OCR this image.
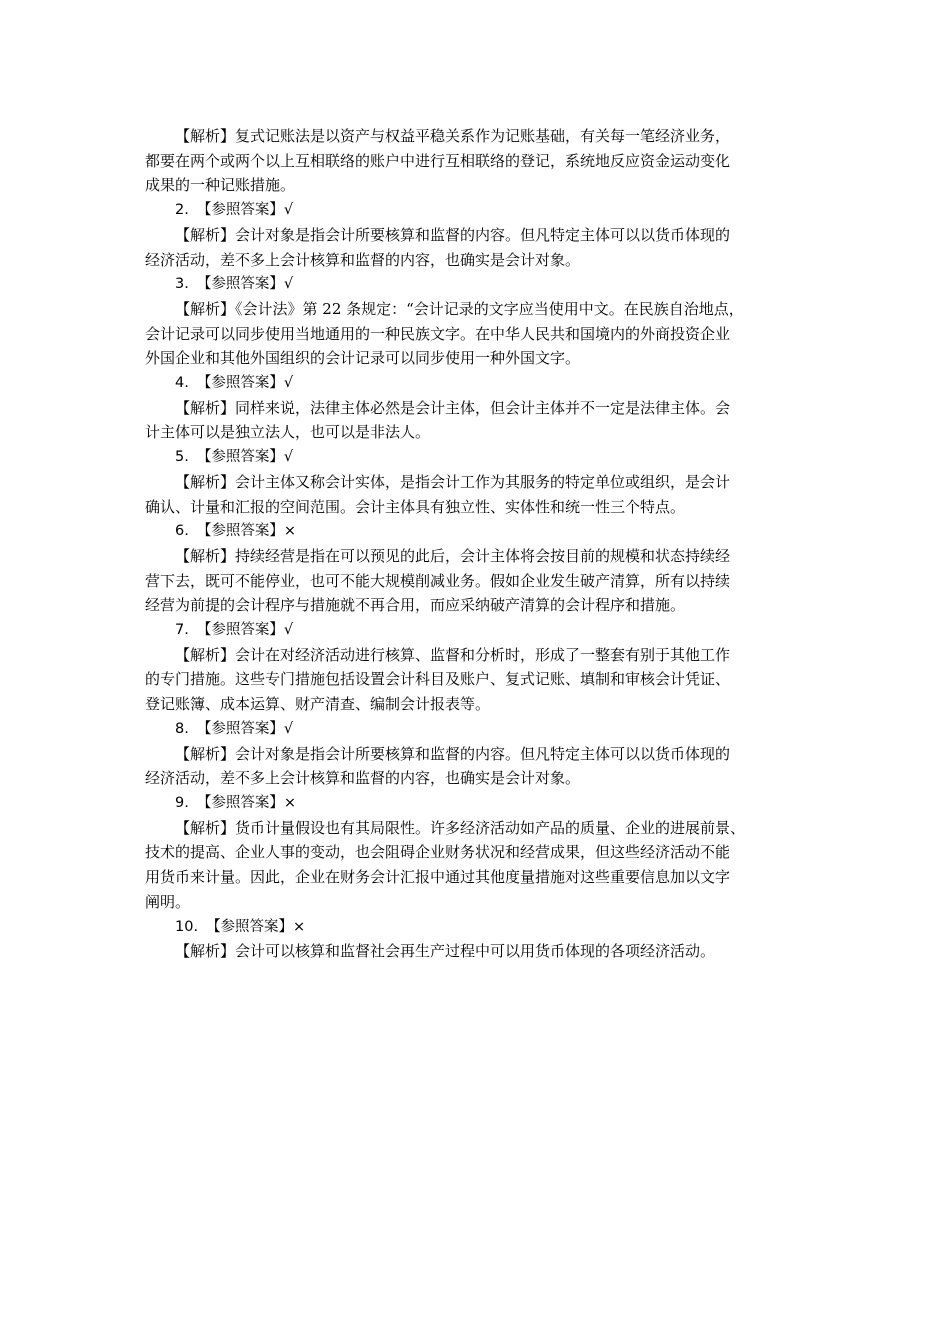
【解析】复式记账法是以资产与权益平稳关系作为记账基础，有关每一笔经济业务，
都要在两个或两个以上互相联络的账户中进行互相联络的登记，系统地反应资金运动变化
成果的一种记账措施。
2. 【参照答案】√
【解析】会计对象是指会计所要核算和监督的内容。但凡特定主体可以以货币体现的
经济活动，差不多上会计核算和监督的内容，也确实是会计对象。
3. 【参照答案】√
【解析】《会计法》第 22 条规定：“会计记录的文字应当使用中文。在民族自治地点，
会计记录可以同步使用当地通用的一种民族文字。在中华人民共和国境内的外商投资企业
外国企业和其他外国组织的会计记录可以同步使用一种外国文字。
4. 【参照答案】√
【解析】同样来说，法律主体必然是会计主体，但会计主体并不一定是法律主体。会
计主体可以是独立法人，也可以是非法人。
5. 【参照答案】√
【解析】会计主体又称会计实体，是指会计工作为其服务的特定单位或组织，是会计
确认、计量和汇报的空间范围。会计主体具有独立性、实体性和统一性三个特点。
6. 【参照答案】×
【解析】持续经营是指在可以预见的此后，会计主体将会按目前的规模和状态持续经
营下去，既可不能停业，也可不能大规模削减业务。假如企业发生破产清算，所有以持续
经营为前提的会计程序与措施就不再合用，而应采纳破产清算的会计程序和措施。
7. 【参照答案】√
【解析】会计在对经济活动进行核算、监督和分析时，形成了一整套有别于其他工作
的专门措施。这些专门措施包括设置会计科目及账户、复式记账、填制和审核会计凭证、
登记账簿、成本运算、财产清查、编制会计报表等。
8. 【参照答案】√
【解析】会计对象是指会计所要核算和监督的内容。但凡特定主体可以以货币体现的
经济活动，差不多上会计核算和监督的内容，也确实是会计对象。
9. 【参照答案】×
【解析】货币计量假设也有其局限性。许多经济活动如产品的质量、企业的进展前景、
技术的提高、企业人事的变动，也会阻碍企业财务状况和经营成果，但这些经济活动不能
用货币来计量。因此，企业在财务会计汇报中通过其他度量措施对这些重要信息加以文字
阐明。
10. 【参照答案】×
【解析】会计可以核算和监督社会再生产过程中可以用货币体现的各项经济活动。
